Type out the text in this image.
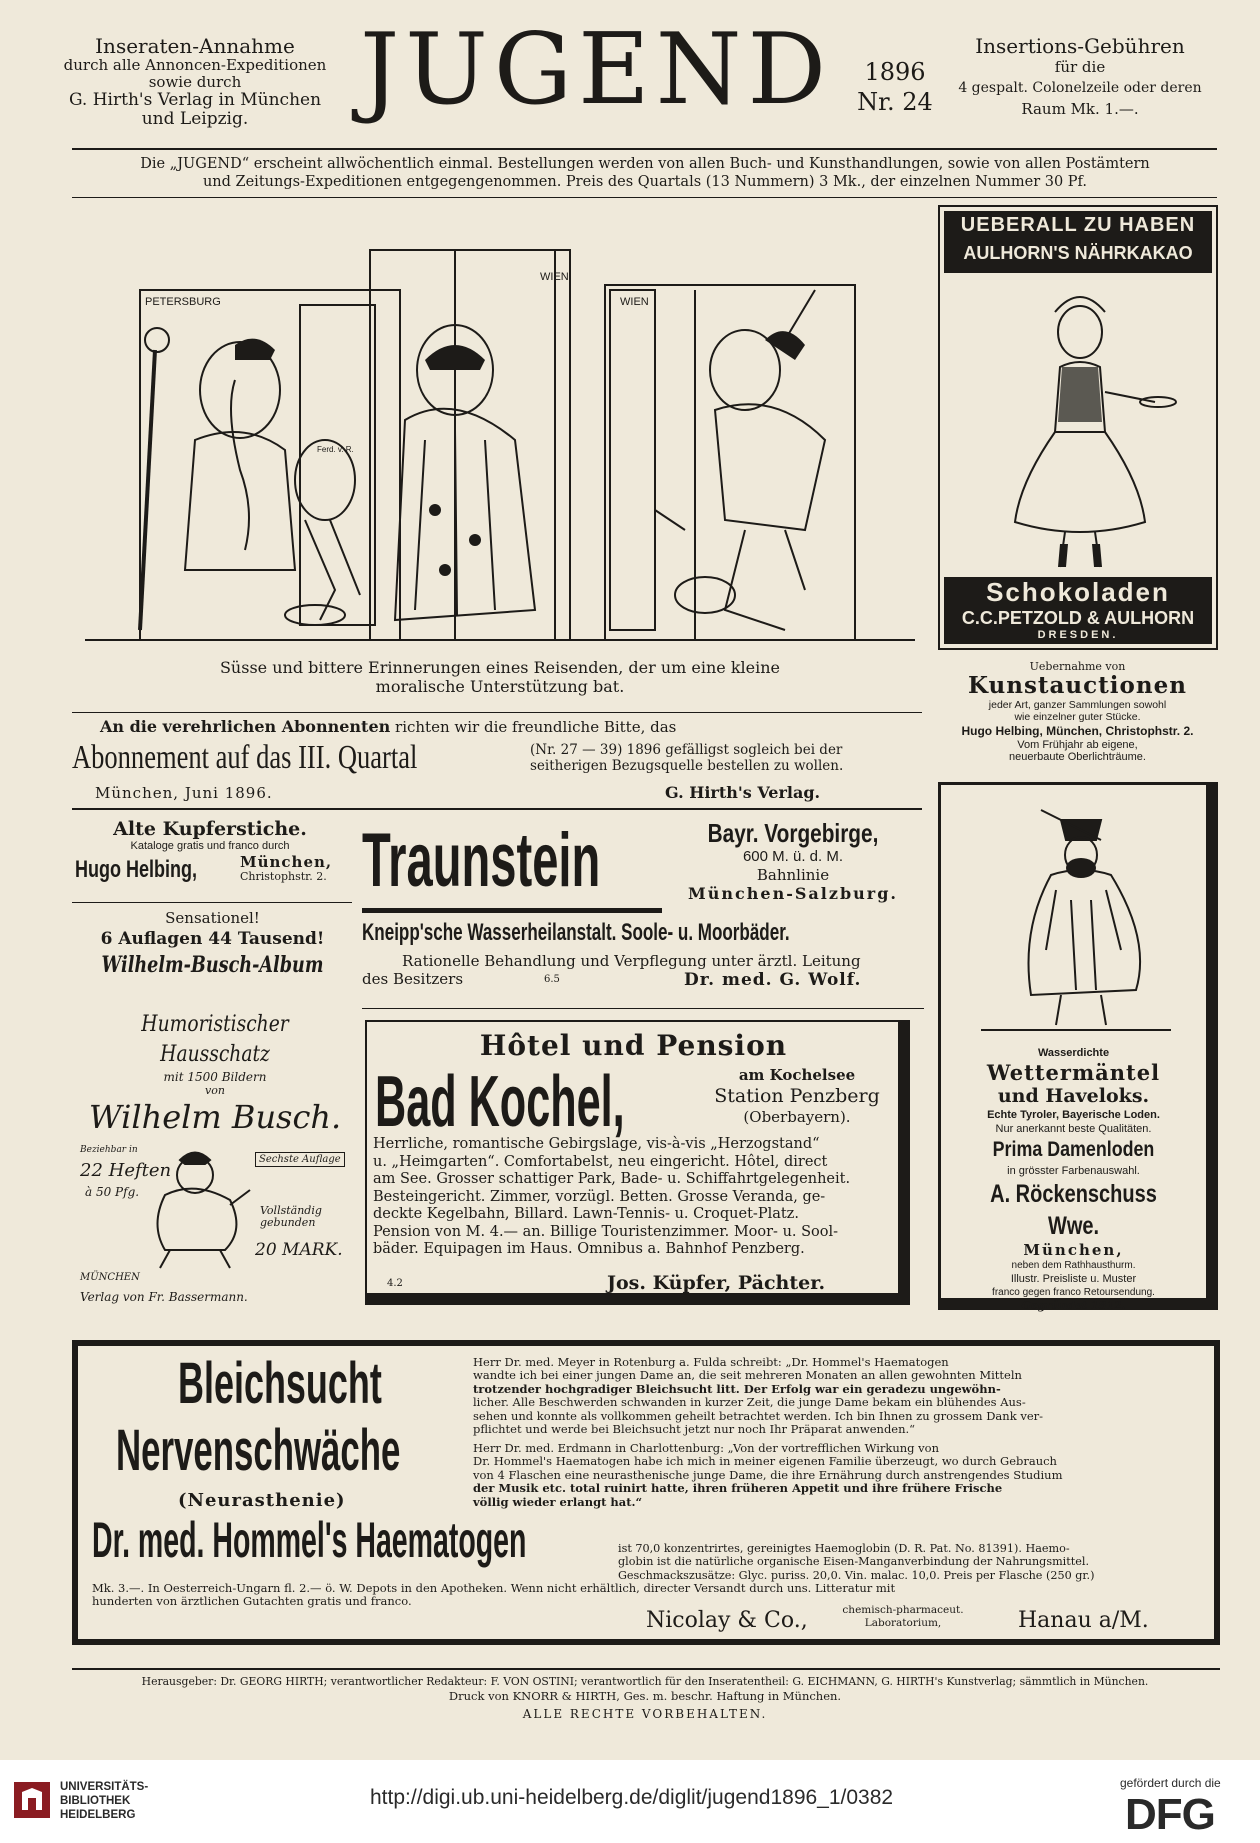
Inseraten-Annahme
durch alle Annoncen-Expeditionen
sowie durch
G. Hirth's Verlag in München
und Leipzig.	JUGEND	1896
Nr. 24
Insertions-Gebühren
für die
4 gespalt. Colonelzeile oder deren
Raum Mk. 1.—.
Die „JUGEND“ erscheint allwöchentlich einmal. Bestellungen werden von allen Buch- und Kunsthandlungen, sowie von allen Postämtern
und Zeitungs-Expeditionen entgegengenommen. Preis des Quartals (13 Nummern) 3 Mk., der einzelnen Nummer 30 Pf.
PETERSBURG
WIEN
WIEN
Ferd. v. R.
Süsse und bittere Erinnerungen eines Reisenden, der um eine kleine
moralische Unterstützung bat.
UEBERALL ZU HABEN
AULHORN'S NÄHRKAKAO
Schokoladen
C.C.PETZOLD & AULHORN
DRESDEN.
Uebernahme von
Kunstauctionen
jeder Art, ganzer Sammlungen sowohl
wie einzelner guter Stücke.
Hugo Helbing, München, Christophstr. 2.
Vom Frühjahr ab eigene,
neuerbaute Oberlichträume.
An die verehrlichen Abonnenten richten wir die freundliche Bitte, das
Abonnement auf das III. Quartal	(Nr. 27 — 39) 1896 gefälligst sogleich bei der
seitherigen Bezugsquelle bestellen zu wollen.
München, Juni 1896.	G. Hirth's Verlag.
Alte Kupferstiche.
Kataloge gratis und franco durch
Hugo Helbing,	München,
Christophstr. 2.
Sensationel!
6 Auflagen 44 Tausend!
Wilhelm-Busch-Album
Humoristischer Hausschatz
mit 1500 Bildern
von
Wilhelm Busch.
Beziehbar in
22 Heften
à 50 Pfg.
Sechste Auflage
Vollständig gebunden
20 MARK.
MÜNCHEN
Verlag von Fr. Bassermann.
Traunstein	Bayr. Vorgebirge,
600 M. ü. d. M.
Bahnlinie
München-Salzburg.
Kneipp'sche Wasserheilanstalt. Soole- u. Moorbäder.
Rationelle Behandlung und Verpflegung unter ärztl. Leitung
des Besitzers	6.5	Dr. med. G. Wolf.
Hôtel und Pension
Bad Kochel,	am Kochelsee
Station Penzberg
(Oberbayern).
Herrliche, romantische Gebirgslage, vis-à-vis „Herzogstand“
u. „Heimgarten“. Comfortabelst, neu eingericht. Hôtel, direct
am See. Grosser schattiger Park, Bade- u. Schiffahrtgelegenheit.
Besteingericht. Zimmer, vorzügl. Betten. Grosse Veranda, ge-
deckte Kegelbahn, Billard. Lawn-Tennis- u. Croquet-Platz.
Pension von M. 4.— an. Billige Touristenzimmer. Moor- u. Sool-
bäder. Equipagen im Haus. Omnibus a. Bahnhof Penzberg.
4.2	Jos. Küpfer, Pächter.
Wasserdichte
Wettermäntel
und Haveloks.
Echte Tyroler, Bayerische Loden.
Nur anerkannt beste Qualitäten.
Prima Damenloden
in grösster Farbenauswahl.
A. Röckenschuss Wwe.
München,
neben dem Rathhausthurm.
Illustr. Preisliste u. Muster
franco gegen franco Retoursendung.
Gegründet 1812.
Bleichsucht
Nervenschwäche
(Neurasthenie)
Dr. med. Hommel's Haematogen
Herr Dr. med. Meyer in Rotenburg a. Fulda schreibt: „Dr. Hommel's Haematogen
wandte ich bei einer jungen Dame an, die seit mehreren Monaten an allen gewohnten Mitteln
trotzender hochgradiger Bleichsucht litt. Der Erfolg war ein geradezu ungewöhn-
licher. Alle Beschwerden schwanden in kurzer Zeit, die junge Dame bekam ein blühendes Aus-
sehen und konnte als vollkommen geheilt betrachtet werden. Ich bin Ihnen zu grossem Dank ver-
pflichtet und werde bei Bleichsucht jetzt nur noch Ihr Präparat anwenden.“
Herr Dr. med. Erdmann in Charlottenburg: „Von der vortrefflichen Wirkung von
Dr. Hommel's Haematogen habe ich mich in meiner eigenen Familie überzeugt, wo durch Gebrauch
von 4 Flaschen eine neurasthenische junge Dame, die ihre Ernährung durch anstrengendes Studium
der Musik etc. total ruinirt hatte, ihren früheren Appetit und ihre frühere Frische
völlig wieder erlangt hat.“
ist 70,0 konzentrirtes, gereinigtes Haemoglobin (D. R. Pat. No. 81391). Haemo-
globin ist die natürliche organische Eisen-Manganverbindung der Nahrungsmittel.
Geschmackszusätze: Glyc. puriss. 20,0. Vin. malac. 10,0. Preis per Flasche (250 gr.)
Mk. 3.—. In Oesterreich-Ungarn fl. 2.— ö. W. Depots in den Apotheken. Wenn nicht erhältlich, directer Versandt durch uns. Litteratur mit
hunderten von ärztlichen Gutachten gratis und franco.
Nicolay & Co.,	chemisch-pharmaceut.
Laboratorium,	Hanau a/M.
Herausgeber: Dr. GEORG HIRTH; verantwortlicher Redakteur: F. VON OSTINI; verantwortlich für den Inseratentheil: G. EICHMANN, G. HIRTH's Kunstverlag; sämmtlich in München.
Druck von KNORR & HIRTH, Ges. m. beschr. Haftung in München.
ALLE RECHTE VORBEHALTEN.
UNIVERSITÄTS-
BIBLIOTHEK
HEIDELBERG
http://digi.ub.uni-heidelberg.de/diglit/jugend1896_1/0382
gefördert durch die
DFG
